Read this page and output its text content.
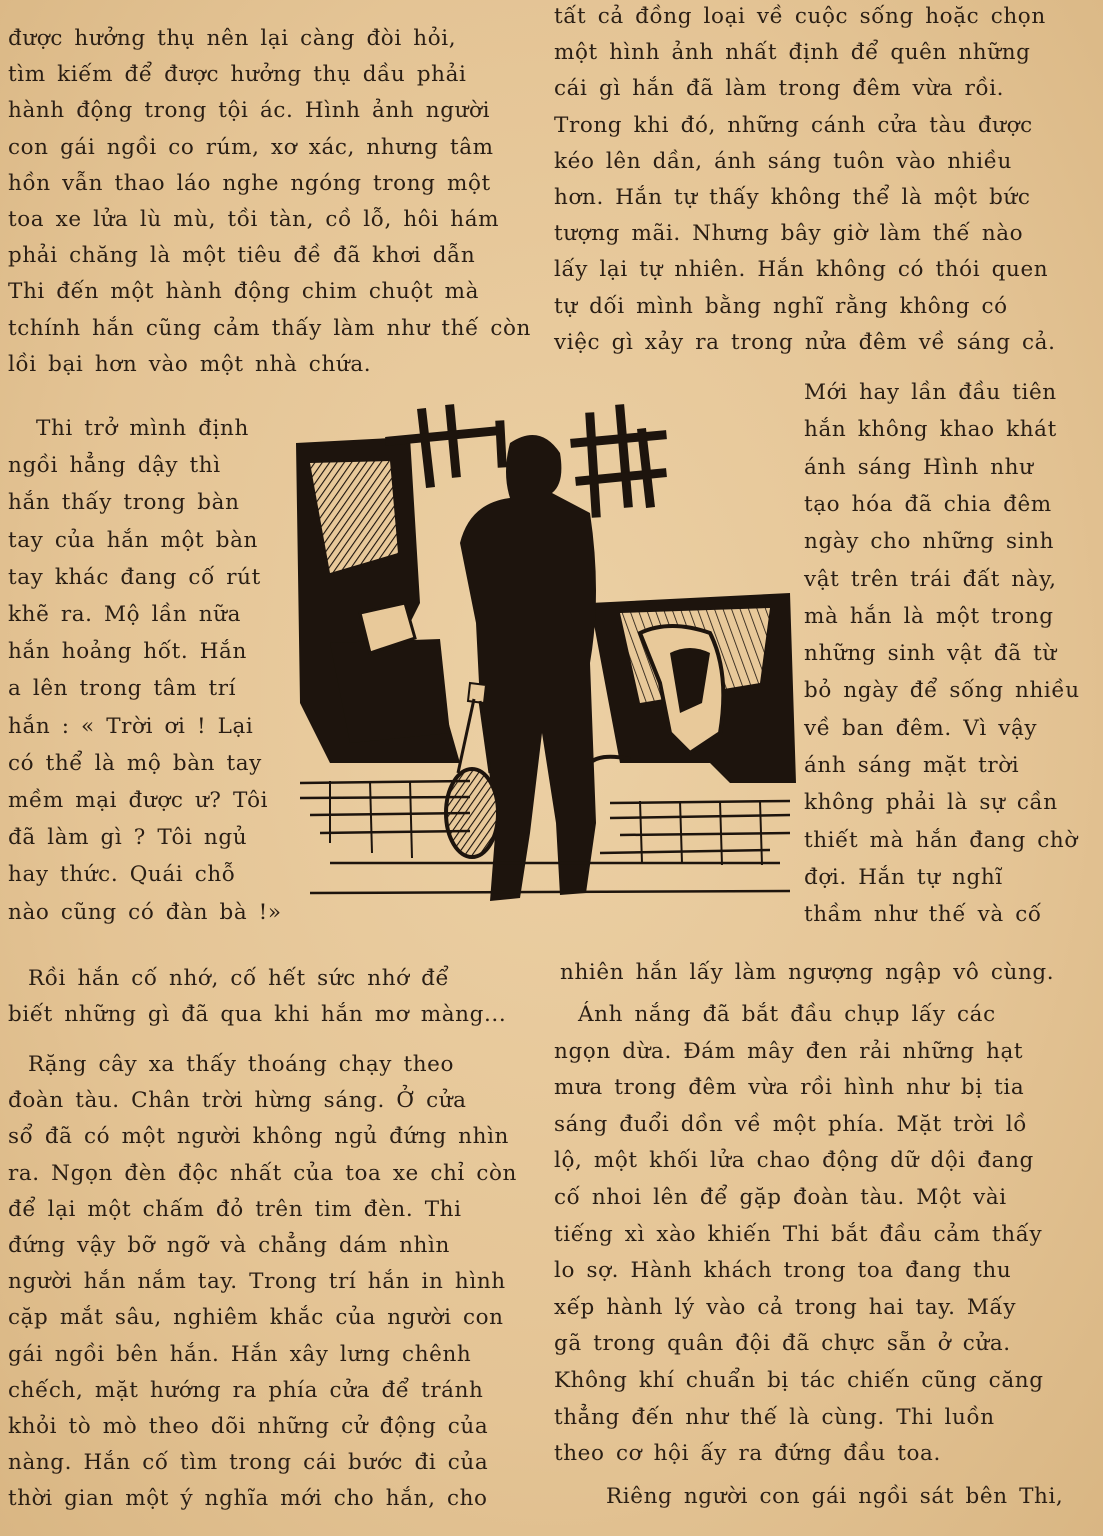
được hưởng thụ nên lại càng đòi hỏi,
tìm kiếm để được hưởng thụ dầu phải
hành động trong tội ác. Hình ảnh người
con gái ngồi co rúm, xơ xác, nhưng tâm
hồn vẫn thao láo nghe ngóng trong một
toa xe lửa lù mù, tồi tàn, cồ lỗ, hôi hám
phải chăng là một tiêu đề đã khơi dẫn
Thi đến một hành động chim chuột mà
tchính hắn cũng cảm thấy làm như thế còn
lồi bại hơn vào một nhà chứa.
Thi trở mình định
ngồi hẳng dậy thì
hắn thấy trong bàn
tay của hắn một bàn
tay khác đang cố rút
khẽ ra. Mộ lần nữa
hắn hoảng hốt. Hắn
a lên trong tâm trí
hắn : « Trời ơi ! Lại
có thể là mộ bàn tay
mềm mại được ư? Tôi
đã làm gì ? Tôi ngủ
hay thức. Quái chỗ
nào cũng có đàn bà !»
Rồi hắn cố nhớ, cố hết sức nhớ để
biết những gì đã qua khi hắn mơ màng...
Rặng cây xa thấy thoáng chạy theo
đoàn tàu. Chân trời hừng sáng. Ở cửa
sổ đã có một người không ngủ đứng nhìn
ra. Ngọn đèn độc nhất của toa xe chỉ còn
để lại một chấm đỏ trên tim đèn. Thi
đứng vậy bỡ ngỡ và chẳng dám nhìn
người hắn nắm tay. Trong trí hắn in hình
cặp mắt sâu, nghiêm khắc của người con
gái ngồi bên hắn. Hắn xây lưng chênh
chếch, mặt hướng ra phía cửa để tránh
khỏi tò mò theo dõi những cử động của
nàng. Hắn cố tìm trong cái bước đi của
thời gian một ý nghĩa mới cho hắn, cho
tất cả đồng loại về cuộc sống hoặc chọn
một hình ảnh nhất định để quên những
cái gì hắn đã làm trong đêm vừa rồi.
Trong khi đó, những cánh cửa tàu được
kéo lên dần, ánh sáng tuôn vào nhiều
hơn. Hắn tự thấy không thể là một bức
tượng mãi. Nhưng bây giờ làm thế nào
lấy lại tự nhiên. Hắn không có thói quen
tự dối mình bằng nghĩ rằng không có
việc gì xảy ra trong nửa đêm về sáng cả.
Mới hay lần đầu tiên
hắn không khao khát
ánh sáng Hình như
tạo hóa đã chia đêm
ngày cho những sinh
vật trên trái đất này,
mà hắn là một trong
những sinh vật đã từ
bỏ ngày để sống nhiều
về ban đêm. Vì vậy
ánh sáng mặt trời
không phải là sự cần
thiết mà hắn đang chờ
đợi. Hắn tự nghĩ
thầm như thế và cố
nhiên hắn lấy làm ngượng ngập vô cùng.
Ánh nắng đã bắt đầu chụp lấy các
ngọn dừa. Đám mây đen rải những hạt
mưa trong đêm vừa rồi hình như bị tia
sáng đuổi dồn về một phía. Mặt trời lồ
lộ, một khối lửa chao động dữ dội đang
cố nhoi lên để gặp đoàn tàu. Một vài
tiếng xì xào khiến Thi bắt đầu cảm thấy
lo sợ. Hành khách trong toa đang thu
xếp hành lý vào cả trong hai tay. Mấy
gã trong quân đội đã chực sẵn ở cửa.
Không khí chuẩn bị tác chiến cũng căng
thẳng đến như thế là cùng. Thi luồn
theo cơ hội ấy ra đứng đầu toa.
Riêng người con gái ngồi sát bên Thi,
